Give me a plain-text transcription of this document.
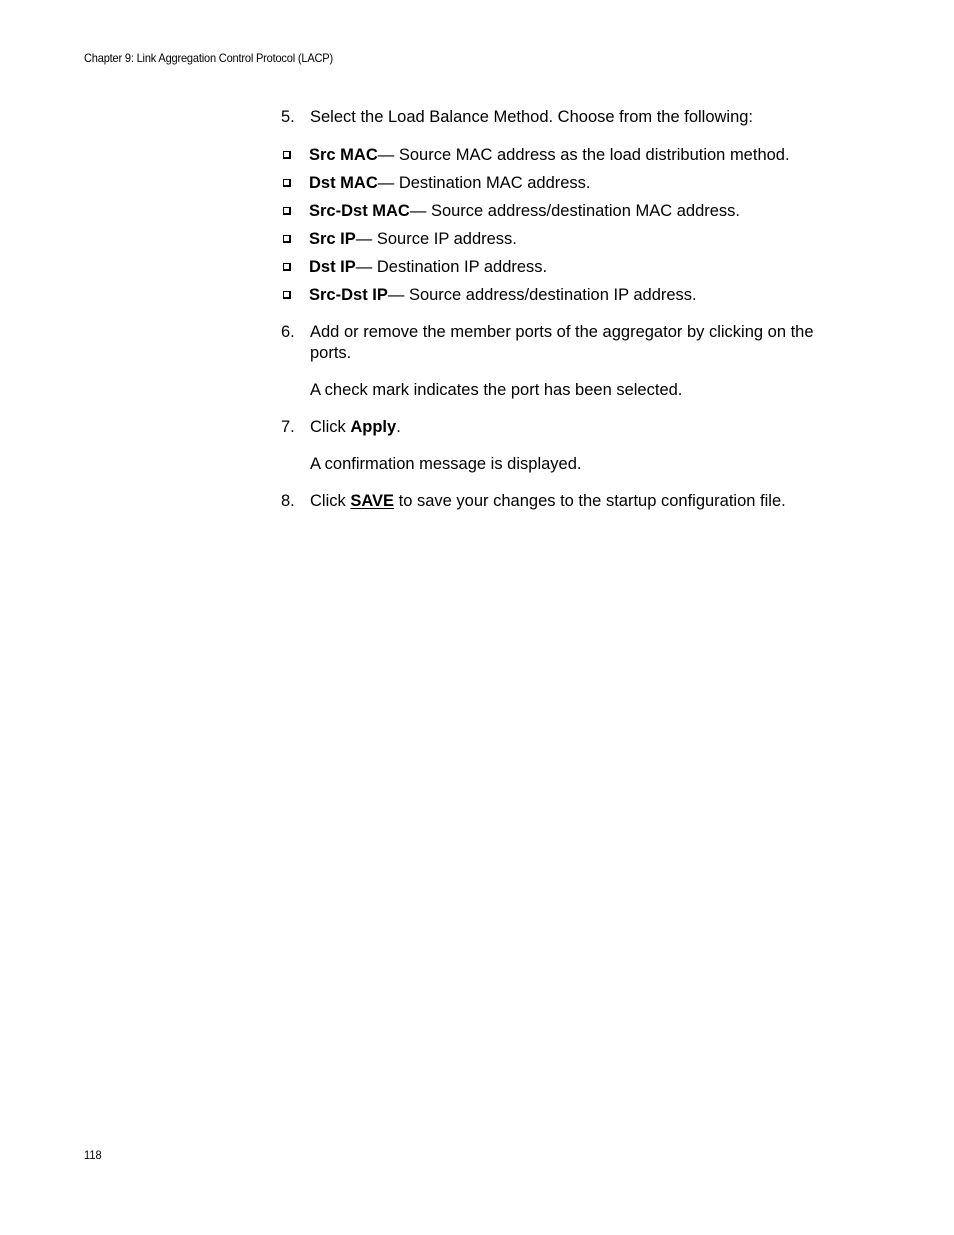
Chapter 9: Link Aggregation Control Protocol (LACP)
5. Select the Load Balance Method. Choose from the following:
Src MAC— Source MAC address as the load distribution method.
Dst MAC— Destination MAC address.
Src-Dst MAC— Source address/destination MAC address.
Src IP— Source IP address.
Dst IP— Destination IP address.
Src-Dst IP— Source address/destination IP address.
6. Add or remove the member ports of the aggregator by clicking on the ports.
A check mark indicates the port has been selected.
7. Click Apply.
A confirmation message is displayed.
8. Click SAVE to save your changes to the startup configuration file.
118
